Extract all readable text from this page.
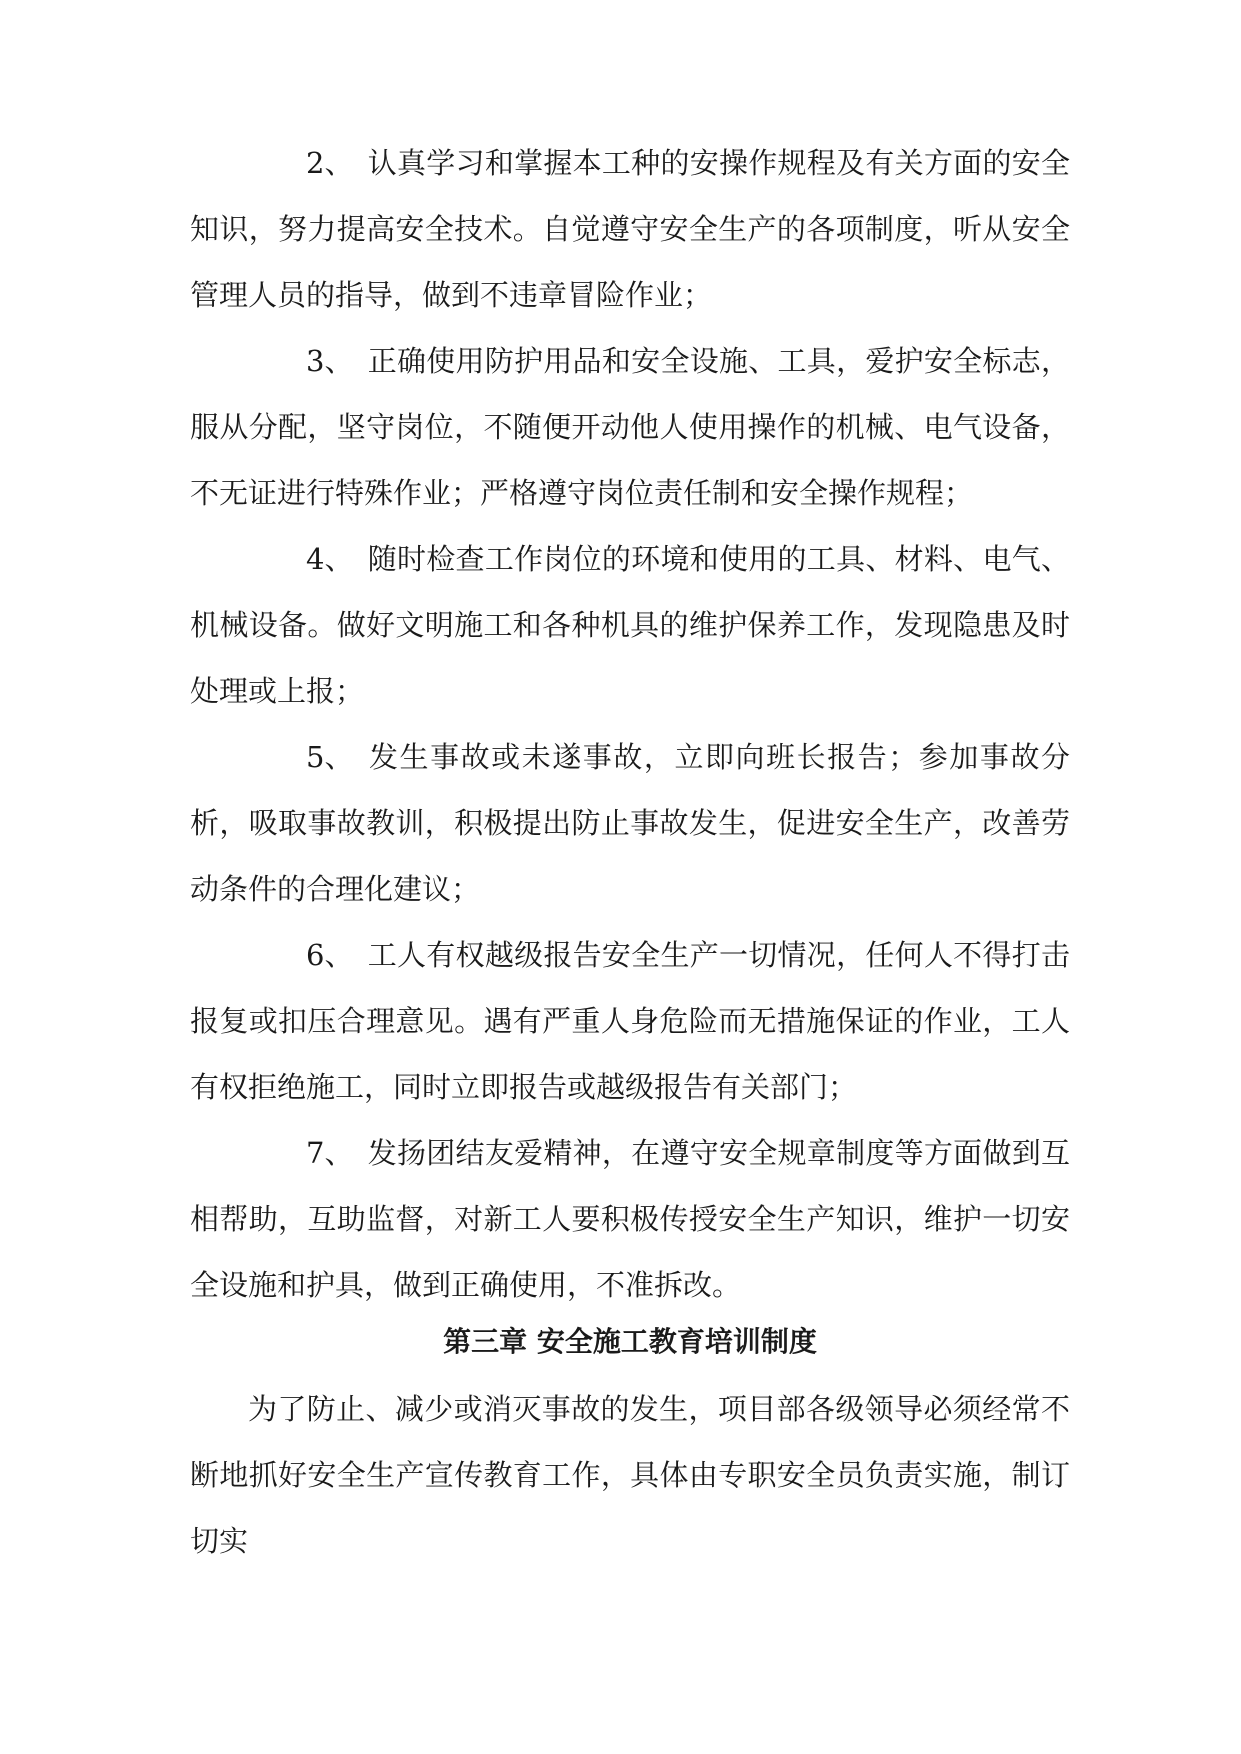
2、 认真学习和掌握本工种的安操作规程及有关方面的安全知识，努力提高安全技术。自觉遵守安全生产的各项制度，听从安全管理人员的指导，做到不违章冒险作业；

3、 正确使用防护用品和安全设施、工具，爱护安全标志，服从分配，坚守岗位，不随便开动他人使用操作的机械、电气设备，不无证进行特殊作业；严格遵守岗位责任制和安全操作规程；

4、 随时检查工作岗位的环境和使用的工具、材料、电气、机械设备。做好文明施工和各种机具的维护保养工作，发现隐患及时处理或上报；

5、 发生事故或未遂事故，立即向班长报告；参加事故分析，吸取事故教训，积极提出防止事故发生，促进安全生产，改善劳动条件的合理化建议；

6、 工人有权越级报告安全生产一切情况，任何人不得打击报复或扣压合理意见。遇有严重人身危险而无措施保证的作业，工人有权拒绝施工，同时立即报告或越级报告有关部门；

7、 发扬团结友爱精神，在遵守安全规章制度等方面做到互相帮助，互助监督，对新工人要积极传授安全生产知识，维护一切安全设施和护具，做到正确使用，不准拆改。

第三章 安全施工教育培训制度

为了防止、减少或消灭事故的发生，项目部各级领导必须经常不断地抓好安全生产宣传教育工作，具体由专职安全员负责实施，制订切实
